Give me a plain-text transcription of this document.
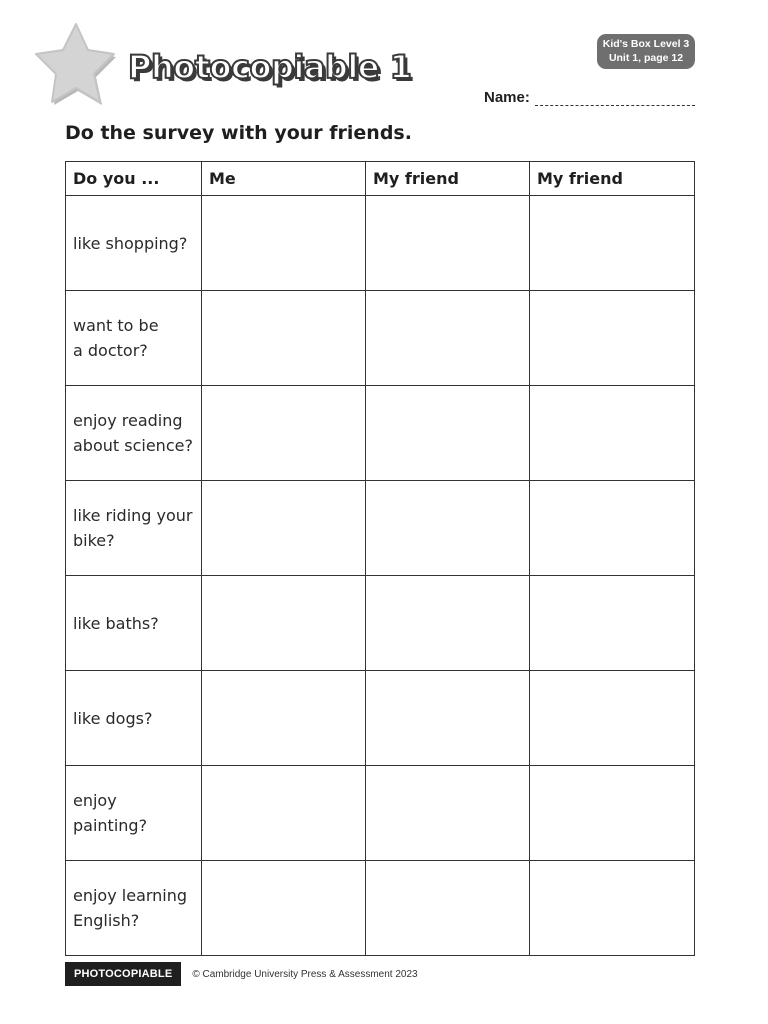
Photocopiable 1
Kid's Box Level 3
Unit 1, page 12
Name:
Do the survey with your friends.
Do you ...	Me	My friend	My friend

like shopping?			

want to be
a doctor?			

enjoy reading
about science?			

like riding your
bike?			

like baths?			

like dogs?			

enjoy
painting?			

enjoy learning
English?			

PHOTOCOPIABLE	© Cambridge University Press & Assessment 2023
